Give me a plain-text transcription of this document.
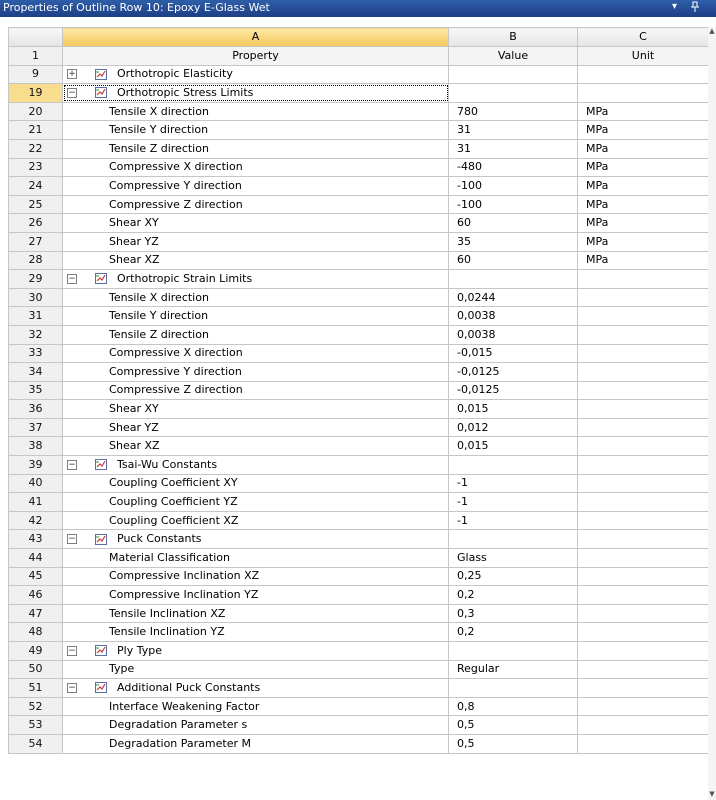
Properties of Outline Row 10: Epoxy E-Glass Wet	▾
	A	B	C
1	Property	Value	Unit
9	+ Orthotropic Elasticity		
19	− Orthotropic Stress Limits		
20	Tensile X direction	780	MPa
21	Tensile Y direction	31	MPa
22	Tensile Z direction	31	MPa
23	Compressive X direction	-480	MPa
24	Compressive Y direction	-100	MPa
25	Compressive Z direction	-100	MPa
26	Shear XY	60	MPa
27	Shear YZ	35	MPa
28	Shear XZ	60	MPa
29	− Orthotropic Strain Limits		
30	Tensile X direction	0,0244	
31	Tensile Y direction	0,0038	
32	Tensile Z direction	0,0038	
33	Compressive X direction	-0,015	
34	Compressive Y direction	-0,0125	
35	Compressive Z direction	-0,0125	
36	Shear XY	0,015	
37	Shear YZ	0,012	
38	Shear XZ	0,015	
39	− Tsai-Wu Constants		
40	Coupling Coefficient XY	-1	
41	Coupling Coefficient YZ	-1	
42	Coupling Coefficient XZ	-1	
43	− Puck Constants		
44	Material Classification	Glass	
45	Compressive Inclination XZ	0,25	
46	Compressive Inclination YZ	0,2	
47	Tensile Inclination XZ	0,3	
48	Tensile Inclination YZ	0,2	
49	− Ply Type		
50	Type	Regular	
51	− Additional Puck Constants		
52	Interface Weakening Factor	0,8	
53	Degradation Parameter s	0,5	
54	Degradation Parameter M	0,5	
▲
▼
